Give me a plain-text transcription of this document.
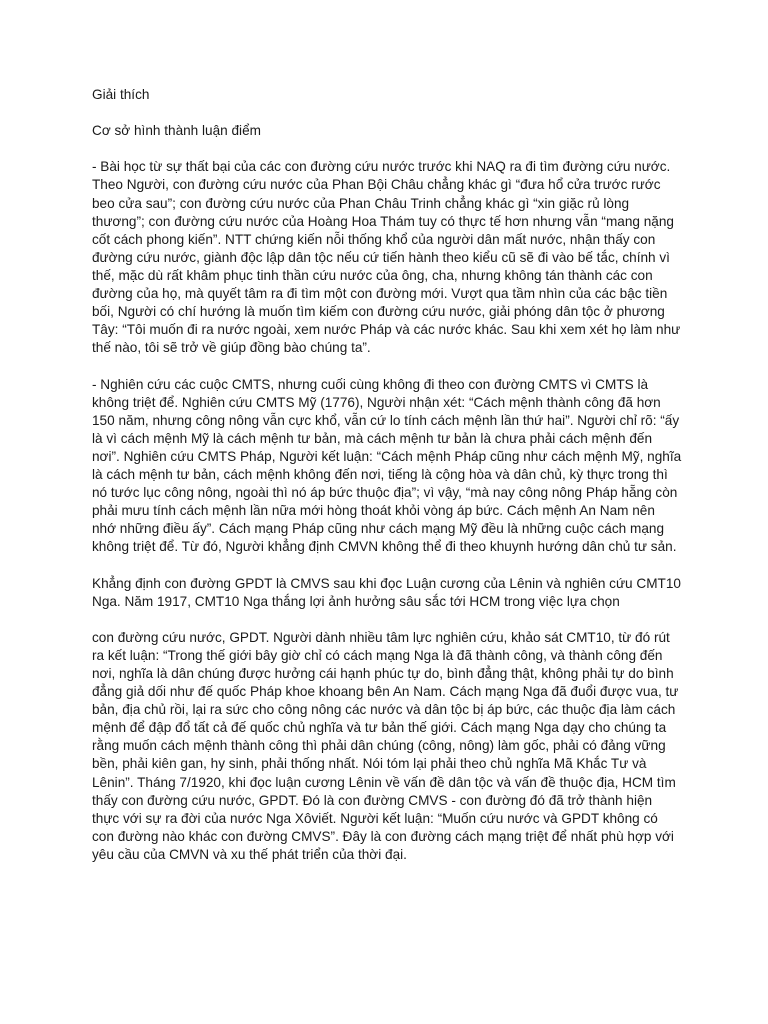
Giải thích

Cơ sở hình thành luận điểm

- Bài học từ sự thất bại của các con đường cứu nước trước khi NAQ ra đi tìm đường cứu nước. Theo Người, con đường cứu nước của Phan Bội Châu chẳng khác gì “đưa hổ cửa trước rước beo cửa sau”; con đường cứu nước của Phan Châu Trinh chẳng khác gì “xin giặc rủ lòng thương”; con đường cứu nước của Hoàng Hoa Thám tuy có thực tế hơn nhưng vẫn “mang nặng cốt cách phong kiến”. NTT chứng kiến nỗi thống khổ của người dân mất nước, nhận thấy con đường cứu nước, giành độc lập dân tộc nếu cứ tiến hành theo kiểu cũ sẽ đi vào bế tắc, chính vì thế, mặc dù rất khâm phục tinh thần cứu nước của ông, cha, nhưng không tán thành các con đường của họ, mà quyết tâm ra đi tìm một con đường mới. Vượt qua tầm nhìn của các bậc tiền bối, Người có chí hướng là muốn tìm kiếm con đường cứu nước, giải phóng dân tộc ở phương Tây: “Tôi muốn đi ra nước ngoài, xem nước Pháp và các nước khác. Sau khi xem xét họ làm như thế nào, tôi sẽ trở về giúp đồng bào chúng ta”.

- Nghiên cứu các cuộc CMTS, nhưng cuối cùng không đi theo con đường CMTS vì CMTS là không triệt để. Nghiên cứu CMTS Mỹ (1776), Người nhận xét: “Cách mệnh thành công đã hơn 150 năm, nhưng công nông vẫn cực khổ, vẫn cứ lo tính cách mệnh lần thứ hai”. Người chỉ rõ: “ấy là vì cách mệnh Mỹ là cách mệnh tư bản, mà cách mệnh tư bản là chưa phải cách mệnh đến nơi”. Nghiên cứu CMTS Pháp, Người kết luận: “Cách mệnh Pháp cũng như cách mệnh Mỹ, nghĩa là cách mệnh tư bản, cách mệnh không đến nơi, tiếng là cộng hòa và dân chủ, kỳ thực trong thì nó tước lục công nông, ngoài thì nó áp bức thuộc địa”; vì vậy, “mà nay công nông Pháp hẵng còn phải mưu tính cách mệnh lần nữa mới hòng thoát khỏi vòng áp bức. Cách mệnh An Nam nên nhớ những điều ấy”. Cách mạng Pháp cũng như cách mạng Mỹ đều là những cuộc cách mạng không triệt để. Từ đó, Người khẳng định CMVN không thể đi theo khuynh hướng dân chủ tư sản.

Khẳng định con đường GPDT là CMVS sau khi đọc Luận cương của Lênin và nghiên cứu CMT10 Nga. Năm 1917, CMT10 Nga thắng lợi ảnh hưởng sâu sắc tới HCM trong việc lựa chọn

con đường cứu nước, GPDT. Người dành nhiều tâm lực nghiên cứu, khảo sát CMT10, từ đó rút ra kết luận: “Trong thế giới bây giờ chỉ có cách mạng Nga là đã thành công, và thành công đến nơi, nghĩa là dân chúng được hưởng cái hạnh phúc tự do, bình đẳng thật, không phải tự do bình đẳng giả dối như đế quốc Pháp khoe khoang bên An Nam. Cách mạng Nga đã đuổi được vua, tư bản, địa chủ rồi, lại ra sức cho công nông các nước và dân tộc bị áp bức, các thuộc địa làm cách mệnh để đập đổ tất cả đế quốc chủ nghĩa và tư bản thế giới. Cách mạng Nga dạy cho chúng ta rằng muốn cách mệnh thành công thì phải dân chúng (công, nông) làm gốc, phải có đảng vững bền, phải kiên gan, hy sinh, phải thống nhất. Nói tóm lại phải theo chủ nghĩa Mã Khắc Tư và Lênin”. Tháng 7/1920, khi đọc luận cương Lênin về vấn đề dân tộc và vấn đề thuộc địa, HCM tìm thấy con đường cứu nước, GPDT. Đó là con đường CMVS - con đường đó đã trở thành hiện thực với sự ra đời của nước Nga Xôviết. Người kết luận: “Muốn cứu nước và GPDT không có con đường nào khác con đường CMVS”. Đây là con đường cách mạng triệt để nhất phù hợp với yêu cầu của CMVN và xu thế phát triển của thời đại.
